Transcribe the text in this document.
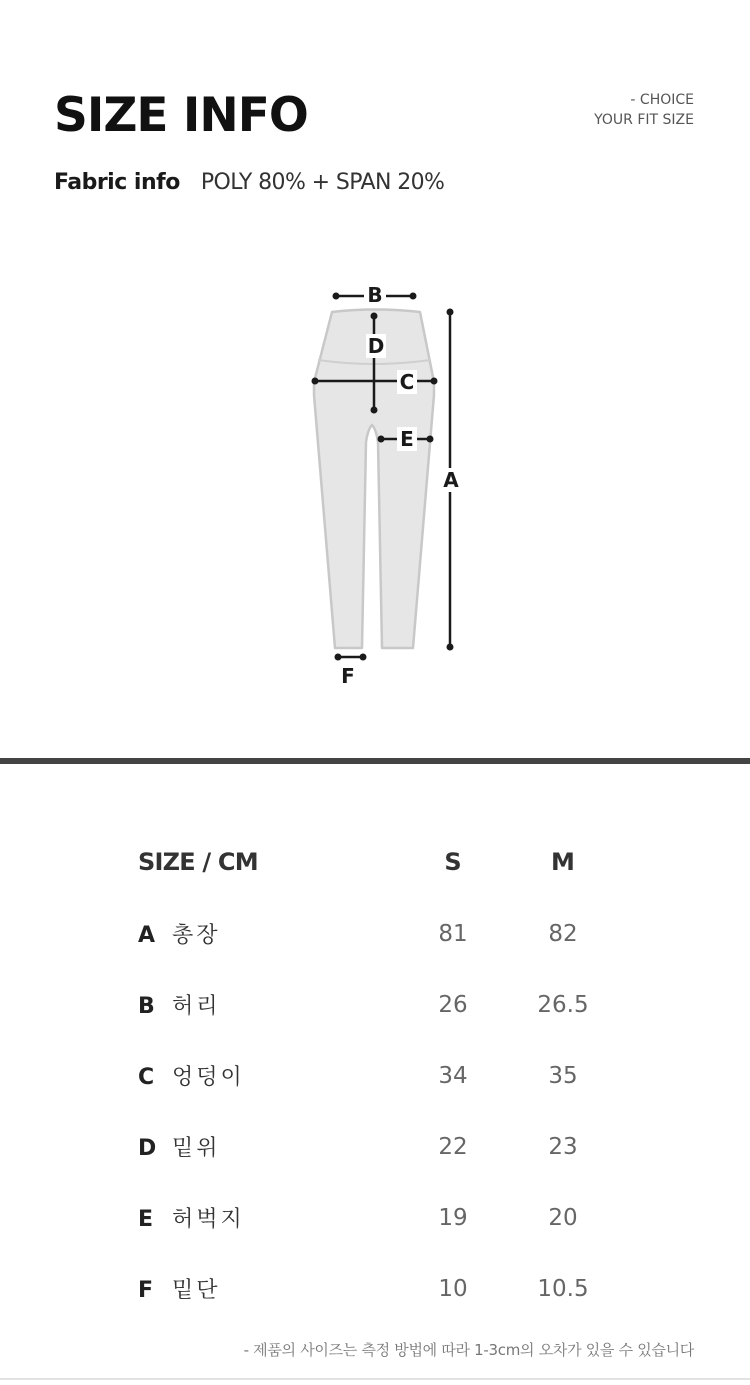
SIZE INFO	- CHOICE
YOUR FIT SIZE
Fabric info POLY 80% + SPAN 20%
B
D
C
E
A
F
SIZE / CM	S	M
A 총장	81	82
B 허리	26	26.5
C 엉덩이	34	35
D 밑위	22	23
E 허벅지	19	20
F 밑단	10	10.5
- 제품의 사이즈는 측정 방법에 따라 1-3cm의 오차가 있을 수 있습니다
